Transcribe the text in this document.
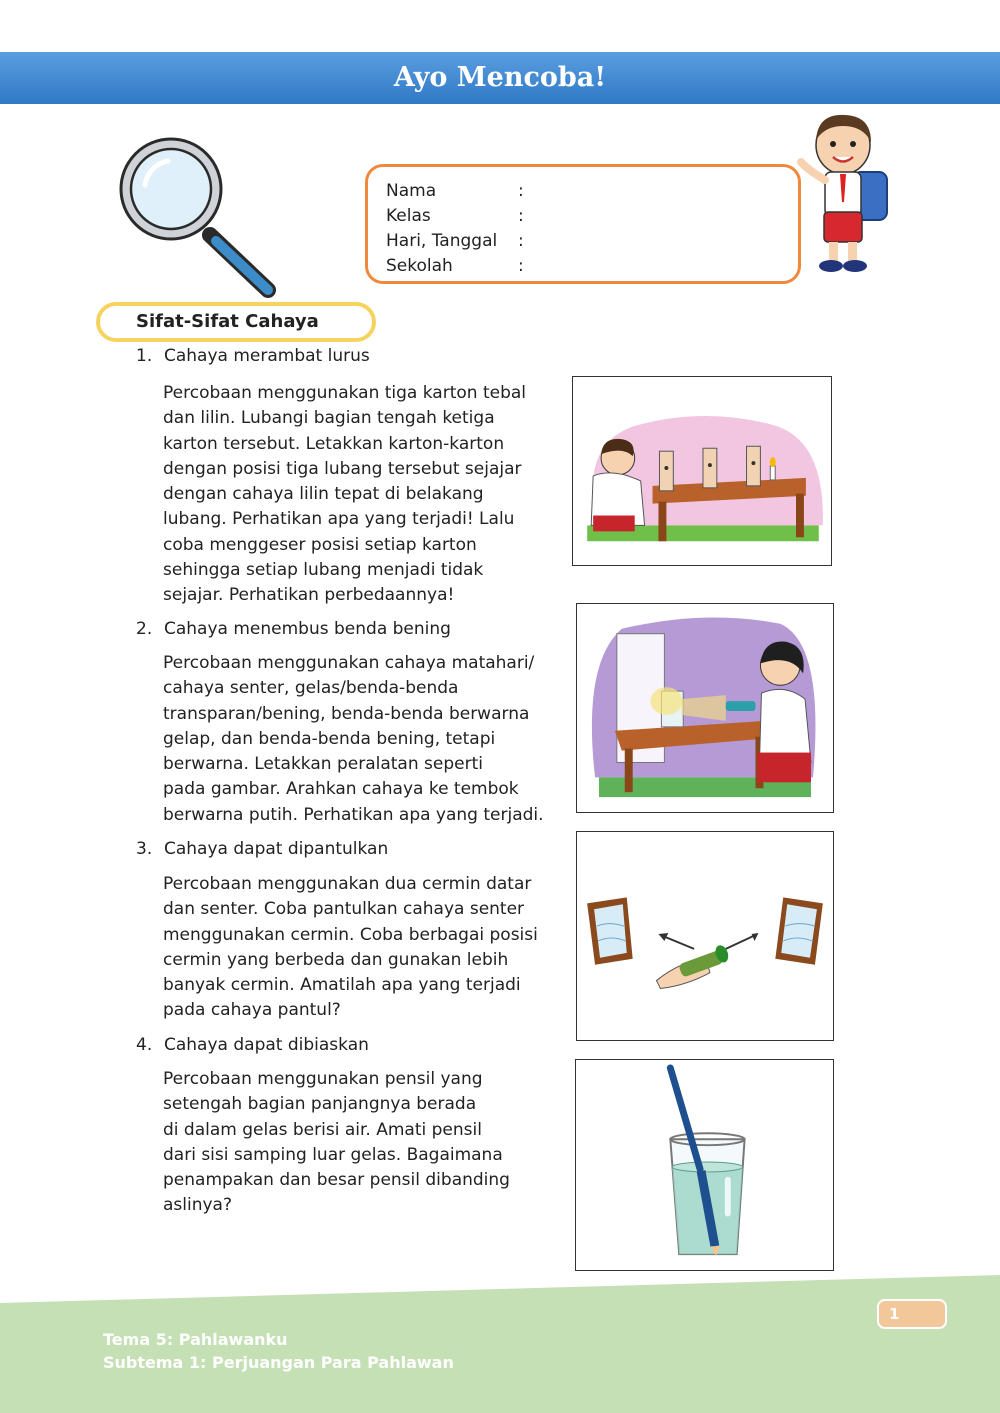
Ayo Mencoba!
Nama	:
Kelas	:
Hari, Tanggal	:
Sekolah	:
Sifat-Sifat Cahaya
1. Cahaya merambat lurus
Percobaan menggunakan tiga karton tebal
dan lilin. Lubangi bagian tengah ketiga
karton tersebut. Letakkan karton-karton
dengan posisi tiga lubang tersebut sejajar
dengan cahaya lilin tepat di belakang
lubang. Perhatikan apa yang terjadi! Lalu
coba menggeser posisi setiap karton
sehingga setiap lubang menjadi tidak
sejajar. Perhatikan perbedaannya!
2. Cahaya menembus benda bening
Percobaan menggunakan cahaya matahari/
cahaya senter, gelas/benda-benda
transparan/bening, benda-benda berwarna
gelap, dan benda-benda bening, tetapi
berwarna. Letakkan peralatan seperti
pada gambar. Arahkan cahaya ke tembok
berwarna putih. Perhatikan apa yang terjadi.
3. Cahaya dapat dipantulkan
Percobaan menggunakan dua cermin datar
dan senter. Coba pantulkan cahaya senter
menggunakan cermin. Coba berbagai posisi
cermin yang berbeda dan gunakan lebih
banyak cermin. Amatilah apa yang terjadi
pada cahaya pantul?
4. Cahaya dapat dibiaskan
Percobaan menggunakan pensil yang
setengah bagian panjangnya berada
di dalam gelas berisi air. Amati pensil
dari sisi samping luar gelas. Bagaimana
penampakan dan besar pensil dibanding
aslinya?
Tema 5: Pahlawanku
Subtema 1: Perjuangan Para Pahlawan
1
